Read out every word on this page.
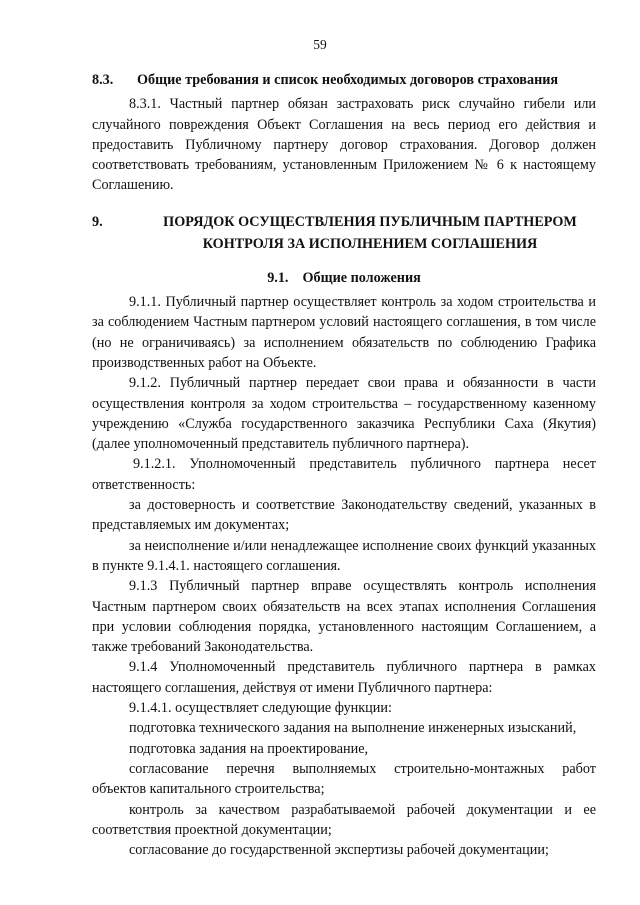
59
8.3.	Общие требования и список необходимых договоров страхования

8.3.1. Частный партнер обязан застраховать риск случайно гибели или случайного повреждения Объект Соглашения на весь период его действия и предоставить Публичному партнеру договор страхования. Договор должен соответствовать требованиям, установленным Приложением № 6 к настоящему Соглашению.

9.	ПОРЯДОК ОСУЩЕСТВЛЕНИЯ ПУБЛИЧНЫМ ПАРТНЕРОМ КОНТРОЛЯ ЗА ИСПОЛНЕНИЕМ СОГЛАШЕНИЯ
9.1. Общие положения

9.1.1. Публичный партнер осуществляет контроль за ходом строительства и за соблюдением Частным партнером условий настоящего соглашения, в том числе (но не ограничиваясь) за исполнением обязательств по соблюдению Графика производственных работ на Объекте.

9.1.2. Публичный партнер передает свои права и обязанности в части осуществления контроля за ходом строительства – государственному казенному учреждению «Служба государственного заказчика Республики Саха (Якутия) (далее уполномоченный представитель публичного партнера).

9.1.2.1. Уполномоченный представитель публичного партнера несет ответственность:

за достоверность и соответствие Законодательству сведений, указанных в представляемых им документах;

за неисполнение и/или ненадлежащее исполнение своих функций указанных в пункте 9.1.4.1. настоящего соглашения.

9.1.3 Публичный партнер вправе осуществлять контроль исполнения Частным партнером своих обязательств на всех этапах исполнения Соглашения при условии соблюдения порядка, установленного настоящим Соглашением, а также требований Законодательства.

9.1.4 Уполномоченный представитель публичного партнера в рамках настоящего соглашения, действуя от имени Публичного партнера:

9.1.4.1. осуществляет следующие функции:

подготовка технического задания на выполнение инженерных изысканий,

подготовка задания на проектирование,

согласование перечня выполняемых строительно-монтажных работ объектов капитального строительства;

контроль за качеством разрабатываемой рабочей документации и ее соответствия проектной документации;

согласование до государственной экспертизы рабочей документации;
